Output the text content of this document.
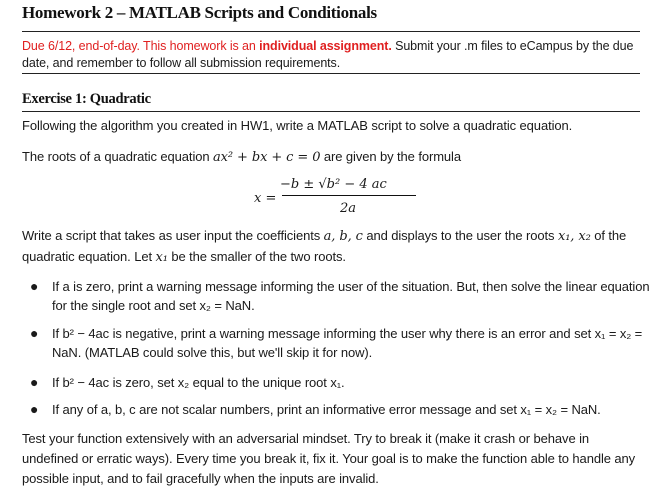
Homework 2 – MATLAB Scripts and Conditionals
Due 6/12, end-of-day. This homework is an individual assignment. Submit your .m files to eCampus by the due date, and remember to follow all submission requirements.
Exercise 1: Quadratic
Following the algorithm you created in HW1, write a MATLAB script to solve a quadratic equation.
The roots of a quadratic equation ax² + bx + c = 0 are given by the formula
x =
−b ± √b² − 4 ac
2a
Write a script that takes as user input the coefficients a, b, c and displays to the user the roots x₁, x₂ of the quadratic equation. Let x₁ be the smaller of the two roots.
● If a is zero, print a warning message informing the user of the situation. But, then solve the linear equation for the single root and set x₂ = NaN.
● If b² − 4ac is negative, print a warning message informing the user why there is an error and set x₁ = x₂ = NaN. (MATLAB could solve this, but we'll skip it for now).
● If b² − 4ac is zero, set x₂ equal to the unique root x₁.
● If any of a, b, c are not scalar numbers, print an informative error message and set x₁ = x₂ = NaN.
Test your function extensively with an adversarial mindset. Try to break it (make it crash or behave in undefined or erratic ways). Every time you break it, fix it. Your goal is to make the function able to handle any possible input, and to fail gracefully when the inputs are invalid.
